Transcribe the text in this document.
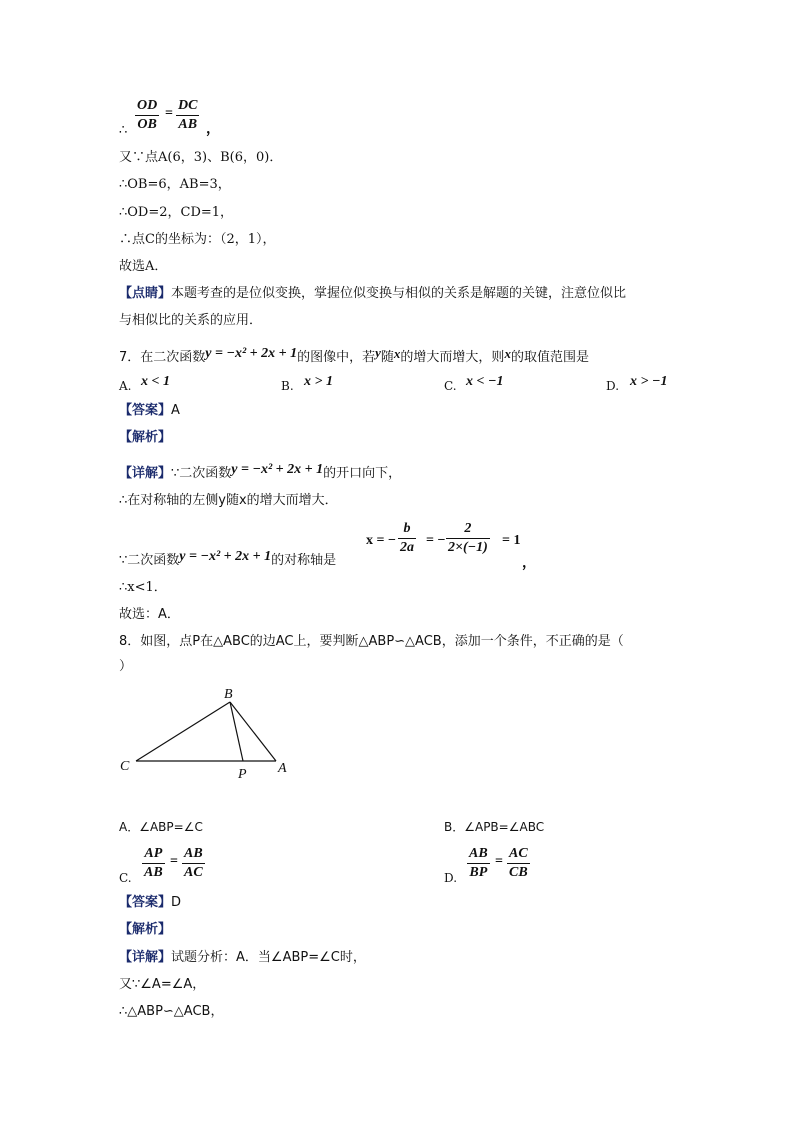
∴ $\frac{OD}{OB} = \frac{DC}{AB}$ ，
又∵点A(6，3)、B(6，0)．
∴OB=6，AB=3，
∴OD=2，CD=1，
∴点C的坐标为：（2，1），
故选A．
【点睛】本题考查的是位似变换，掌握位似变换与相似的关系是解题的关键，注意位似比
与相似比的关系的应用．
7．在二次函数y = −x² + 2x + 1的图像中，若y随x的增大而增大，则x的取值范围是
A. x < 1	B. x > 1	C. x < −1	D. x > −1
【答案】A
【解析】
【详解】∵二次函数y = −x² + 2x + 1的开口向下，
∴在对称轴的左侧y随x的增大而增大．
∵二次函数y = −x² + 2x + 1的对称轴是
x = − $\frac{b}{2a}$ = − $\frac{2}{2\times(-1)} = 1$
，
∴x<1．
故选：A．
8．如图，点P在△ABC的边AC上，要判断△ABP∽△ACB，添加一个条件，不正确的是（
）
B
C
P A
A．∠ABP=∠C	B．∠APB=∠ABC
C. $\frac{AP}{AB} = \frac{AB}{AC}$	D. $\frac{AB}{BP} = \frac{AC}{CB}$
【答案】D
【解析】
【详解】试题分析：A．当∠ABP=∠C时，
又∵∠A=∠A，
∴△ABP∽△ACB，
